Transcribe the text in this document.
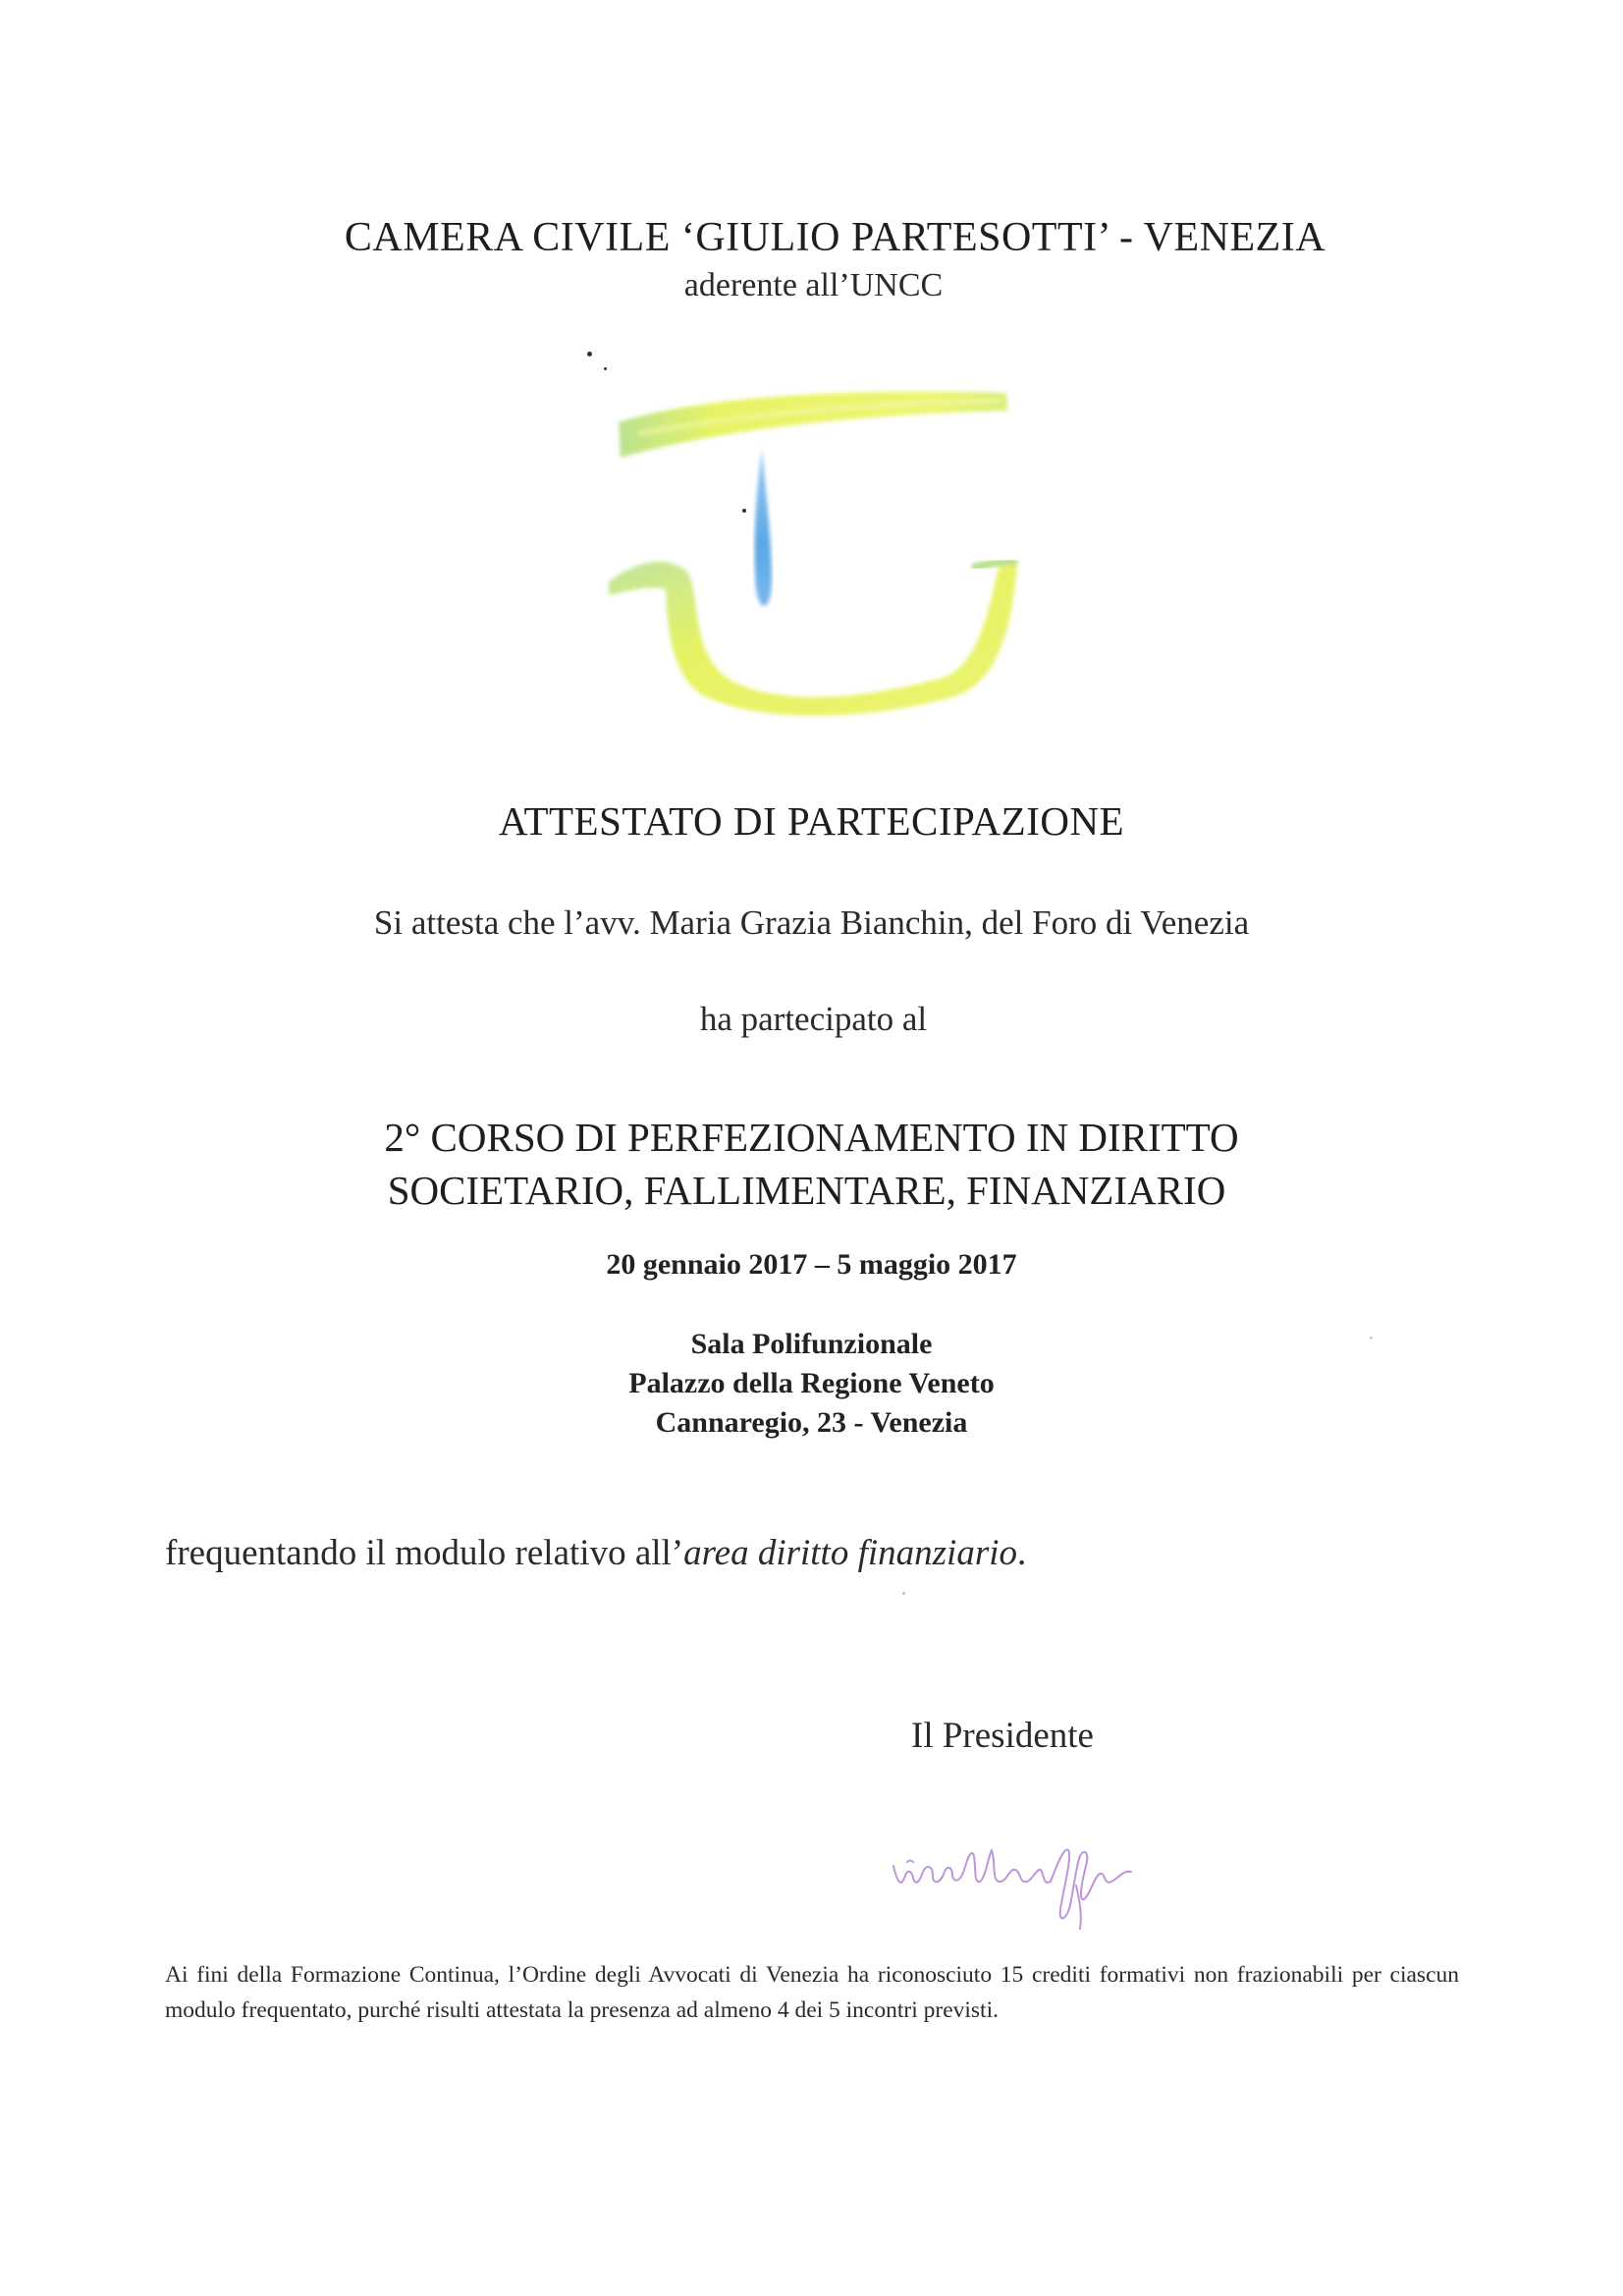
CAMERA CIVILE ‘GIULIO PARTESOTTI’ - VENEZIA
aderente all’UNCC
ATTESTATO DI PARTECIPAZIONE
Si attesta che l’avv. Maria Grazia Bianchin, del Foro di Venezia
ha partecipato al
2° CORSO DI PERFEZIONAMENTO IN DIRITTO
SOCIETARIO, FALLIMENTARE, FINANZIARIO
20 gennaio 2017 – 5 maggio 2017
Sala Polifunzionale
Palazzo della Regione Veneto
Cannaregio, 23 - Venezia
frequentando il modulo relativo all’area diritto finanziario.
Il Presidente
Ai fini della Formazione Continua, l’Ordine degli Avvocati di Venezia ha riconosciuto 15 crediti formativi non frazionabili per ciascun modulo frequentato, purché risulti attestata la presenza ad almeno 4 dei 5 incontri previsti.
